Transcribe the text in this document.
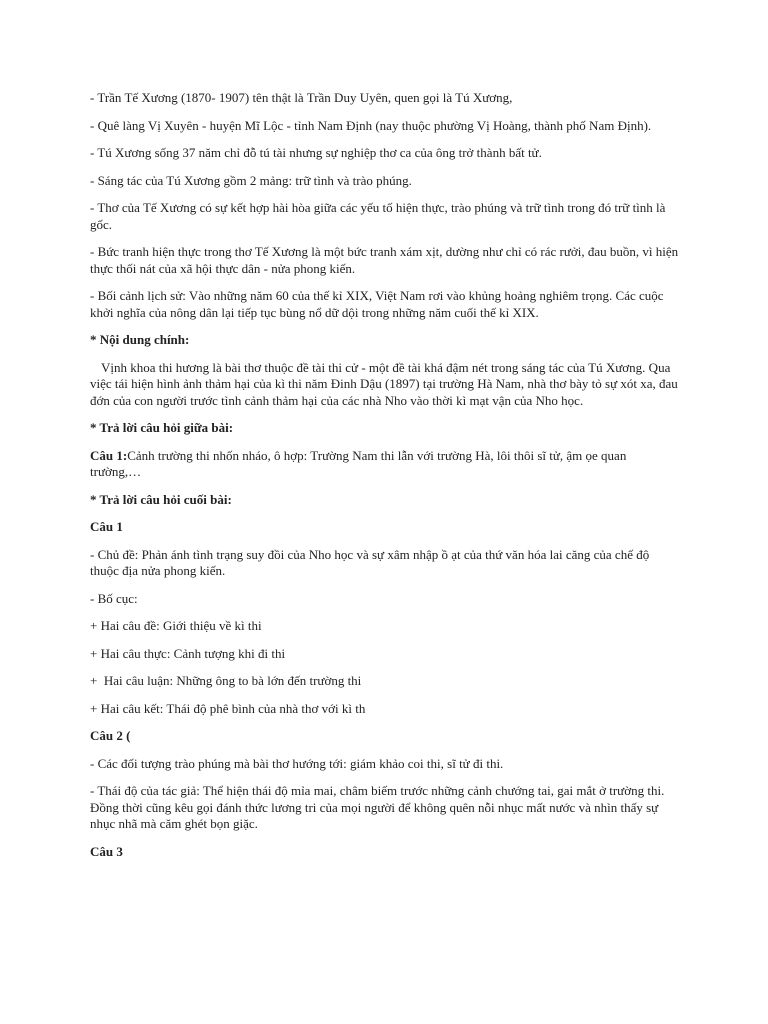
- Trần Tế Xương (1870- 1907) tên thật là Trần Duy Uyên, quen gọi là Tú Xương,

- Quê làng Vị Xuyên - huyện Mĩ Lộc - tỉnh Nam Định (nay thuộc phường Vị Hoàng, thành phố Nam Định).

- Tú Xương sống 37 năm chỉ đỗ tú tài nhưng sự nghiệp thơ ca của ông trở thành bất tử.

- Sáng tác của Tú Xương gồm 2 mảng: trữ tình và trào phúng.

- Thơ của Tế Xương có sự kết hợp hài hòa giữa các yếu tố hiện thực, trào phúng và trữ tình trong đó trữ tình là gốc.

- Bức tranh hiện thực trong thơ Tế Xương là một bức tranh xám xịt, dường như chỉ có rác rưởi, đau buồn, vì hiện thực thối nát của xã hội thực dân - nửa phong kiến.

- Bối cảnh lịch sử: Vào những năm 60 của thế kỉ XIX, Việt Nam rơi vào khủng hoảng nghiêm trọng. Các cuộc khởi nghĩa của nông dân lại tiếp tục bùng nổ dữ dội trong những năm cuối thế kỉ XIX.

* Nội dung chính:

Vịnh khoa thi hương là bài thơ thuộc đề tài thi cử - một đề tài khá đậm nét trong sáng tác của Tú Xương. Qua việc tái hiện hình ảnh thảm hại của kì thi năm Đinh Dậu (1897) tại trường Hà Nam, nhà thơ bày tỏ sự xót xa, đau đớn của con người trước tình cảnh thảm hại của các nhà Nho vào thời kì mạt vận của Nho học.

* Trả lời câu hỏi giữa bài:

Câu 1:Cảnh trường thi nhốn nháo, ô hợp: Trường Nam thi lẫn với trường Hà, lôi thôi sĩ tử, ậm ọe quan trường,…

* Trả lời câu hỏi cuối bài:

Câu 1

- Chủ đề: Phản ánh tình trạng suy đồi của Nho học và sự xâm nhập ồ ạt của thứ văn hóa lai căng của chế độ thuộc địa nửa phong kiến.

- Bố cục:

+ Hai câu đề: Giới thiệu về kì thi

+ Hai câu thực: Cảnh tượng khi đi thi

+  Hai câu luận: Những ông to bà lớn đến trường thi

+ Hai câu kết: Thái độ phê bình của nhà thơ với kì th

Câu 2 (

- Các đối tượng trào phúng mà bài thơ hướng tới: giám khảo coi thi, sĩ tử đi thi.

- Thái độ của tác giả: Thể hiện thái độ mỉa mai, châm biếm trước những cảnh chướng tai, gai mắt ở trường thi. Đồng thời cũng kêu gọi đánh thức lương tri của mọi người để không quên nỗi nhục mất nước và nhìn thấy sự nhục nhã mà căm ghét bọn giặc.

Câu 3
